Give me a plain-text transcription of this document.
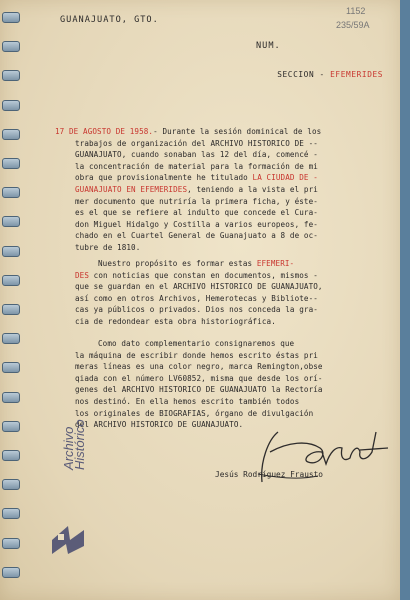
GUANAJUATO, GTO.
1152
235/59A
NUM.

SECCION - EFEMERIDES

17 DE AGOSTO DE 1958.- Durante la sesión dominical de los
trabajos de organización del ARCHIVO HISTORICO DE --
GUANAJUATO, cuando sonaban las 12 del día, comencé -
la concentración de material para la formación de mi
obra que provisionalmente he titulado LA CIUDAD DE -
GUANAJUATO EN EFEMERIDES, teniendo a la vista el pri
mer documento que nutriría la primera ficha, y éste-
es el que se refiere al indulto que concede el Cura-
don Miguel Hidalgo y Costilla a varios europeos, fe-
chado en el Cuartel General de Guanajuato a 8 de oc-
tubre de 1810.
Nuestro propósito es formar estas EFEMERI-
DES con noticias que constan en documentos, mismos -
que se guardan en el ARCHIVO HISTORICO DE GUANAJUATO,
así como en otros Archivos, Hemerotecas y Bibliote--
cas ya públicos o privados. Dios nos conceda la gra-
cia de redondear esta obra historiográfica.
Como dato complementario consignaremos que
la máquina de escribir donde hemos escrito éstas pri
meras líneas es una color negro, marca Remington,obse
qiada con el número LV60852, misma que desde los orí-
genes del ARCHIVO HISTORICO DE GUANAJUATO la Rectoría
nos destinó. En ella hemos escrito también todos
los originales de BIOGRAFIAS, órgano de divulgación
del ARCHIVO HISTORICO DE GUANAJUATO.
Jesús Rodríguez Frausto
Archivo
Histórico
